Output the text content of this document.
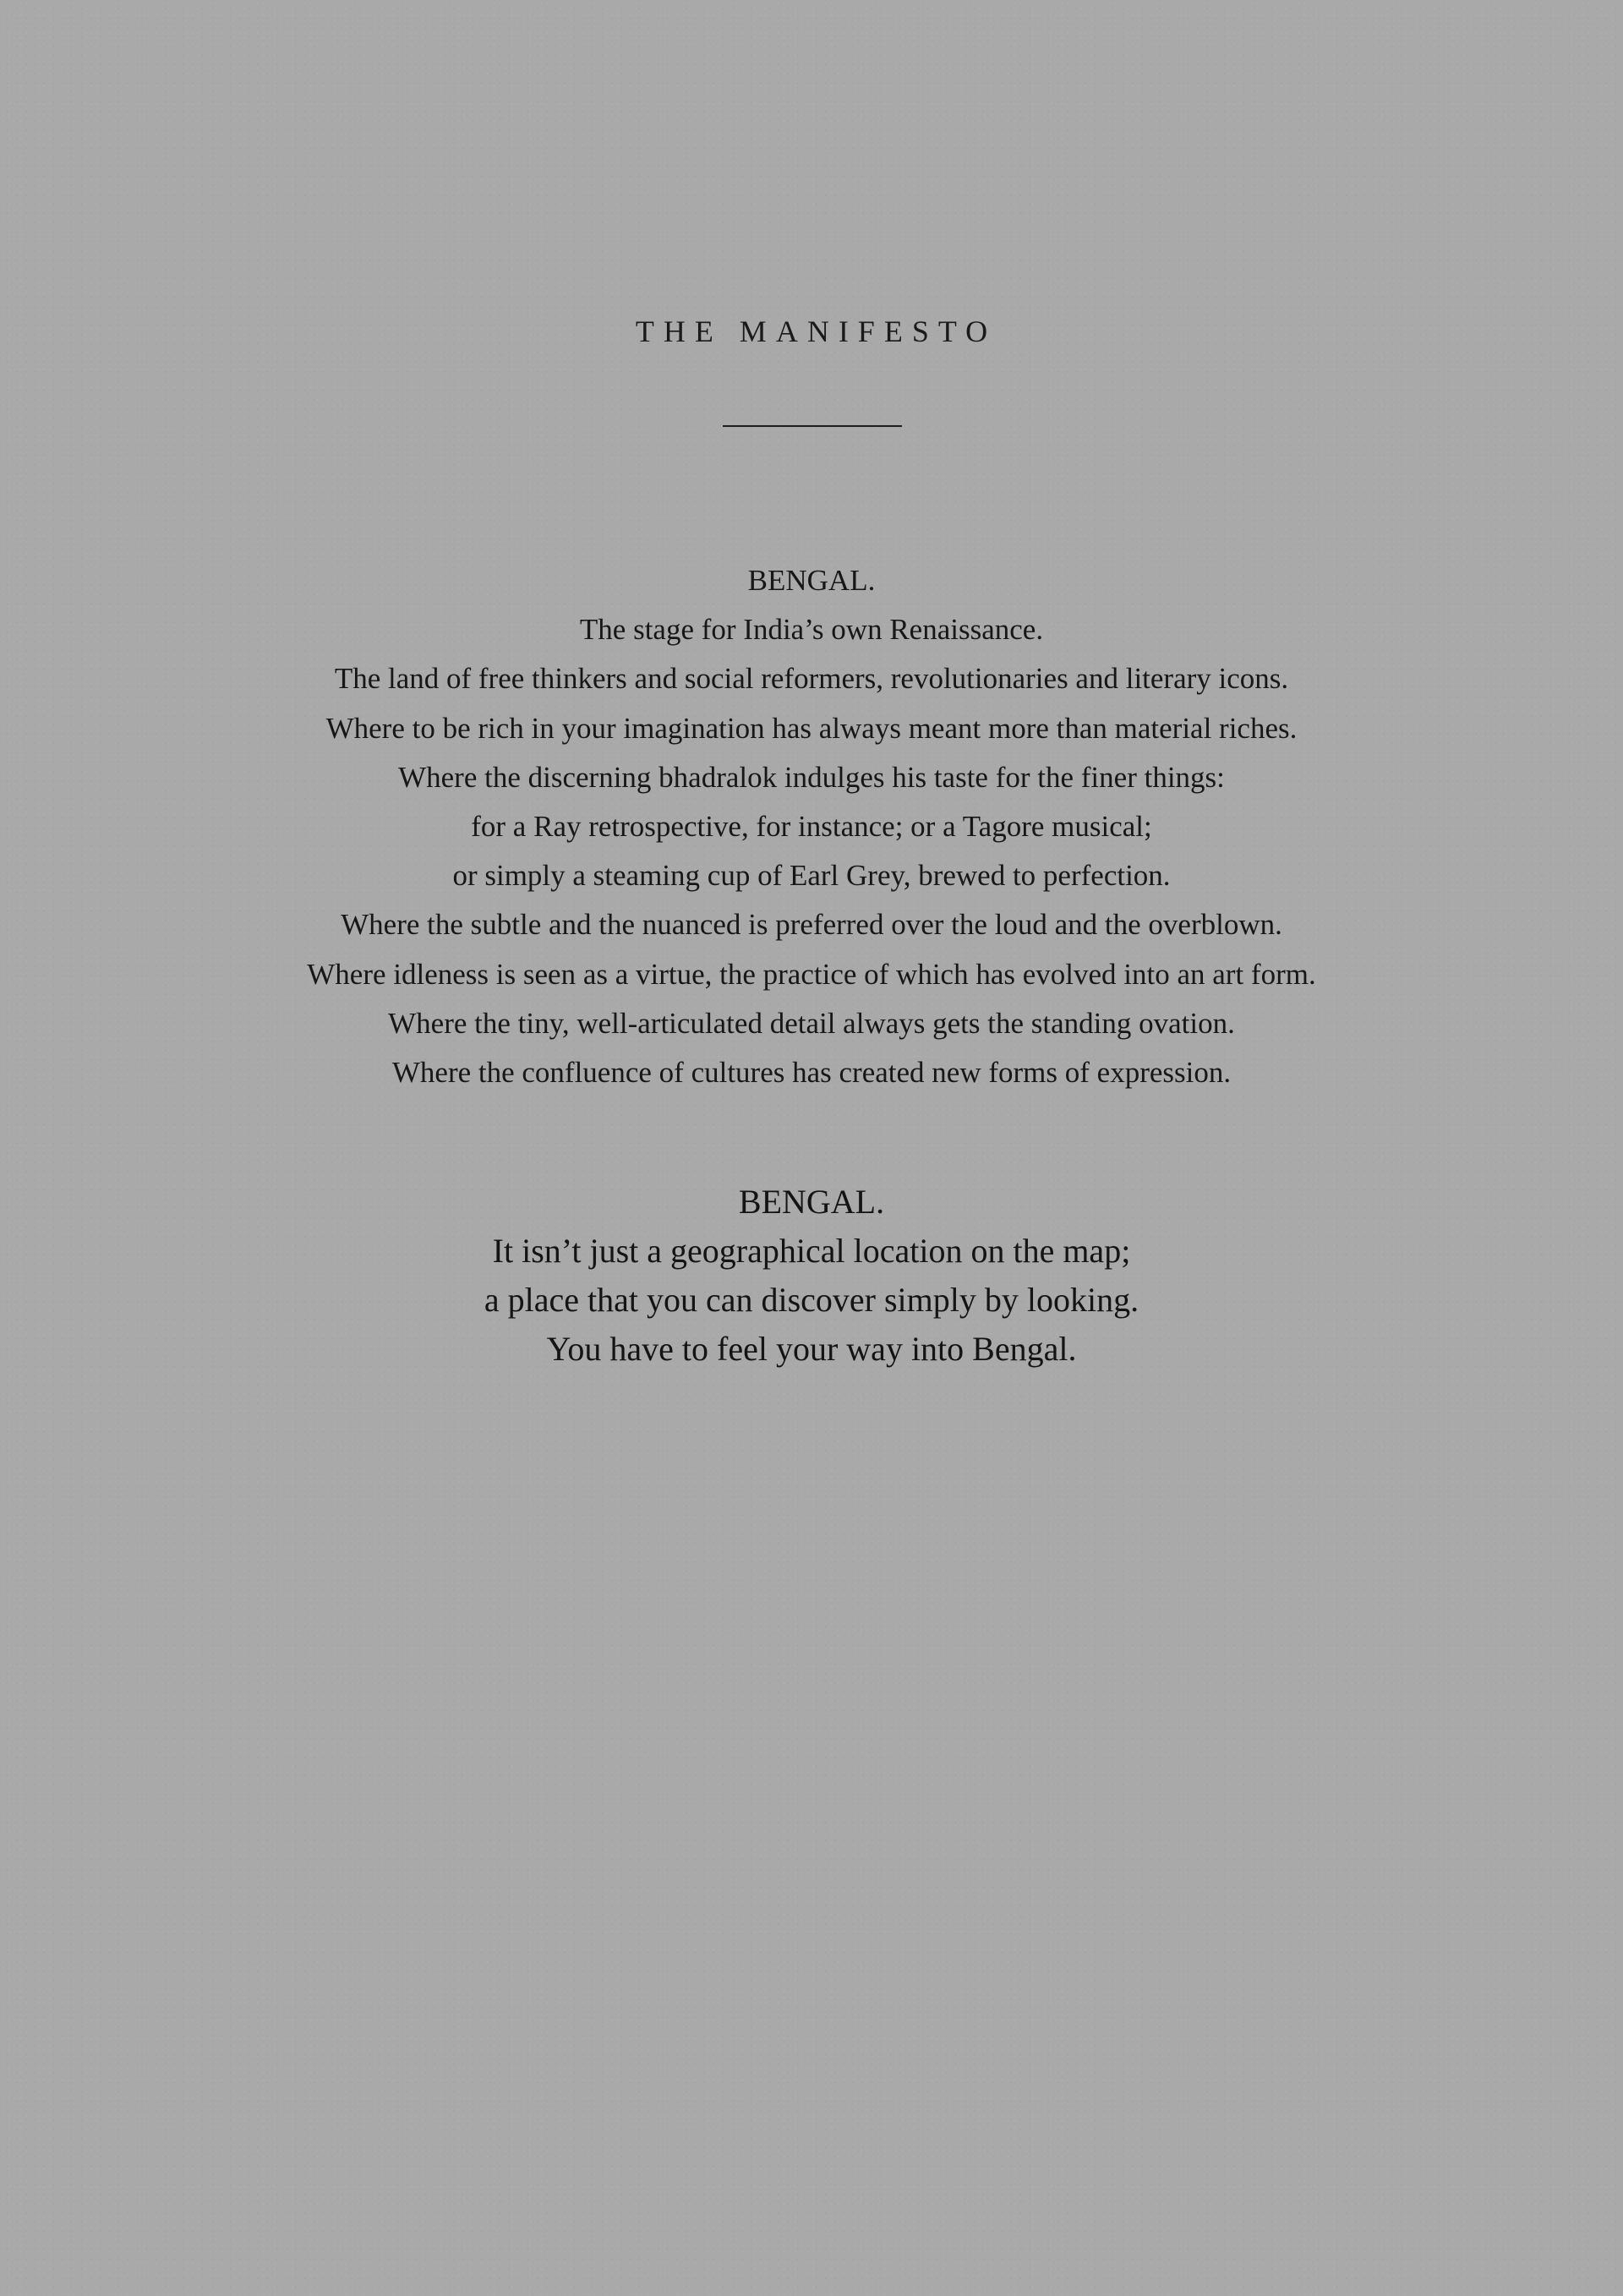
THE MANIFESTO

BENGAL.
The stage for India’s own Renaissance.
The land of free thinkers and social reformers, revolutionaries and literary icons.
Where to be rich in your imagination has always meant more than material riches.
Where the discerning bhadralok indulges his taste for the finer things:
for a Ray retrospective, for instance; or a Tagore musical;
or simply a steaming cup of Earl Grey, brewed to perfection.
Where the subtle and the nuanced is preferred over the loud and the overblown.
Where idleness is seen as a virtue, the practice of which has evolved into an art form.
Where the tiny, well-articulated detail always gets the standing ovation.
Where the confluence of cultures has created new forms of expression.

BENGAL.
It isn’t just a geographical location on the map;
a place that you can discover simply by looking.
You have to feel your way into Bengal.
